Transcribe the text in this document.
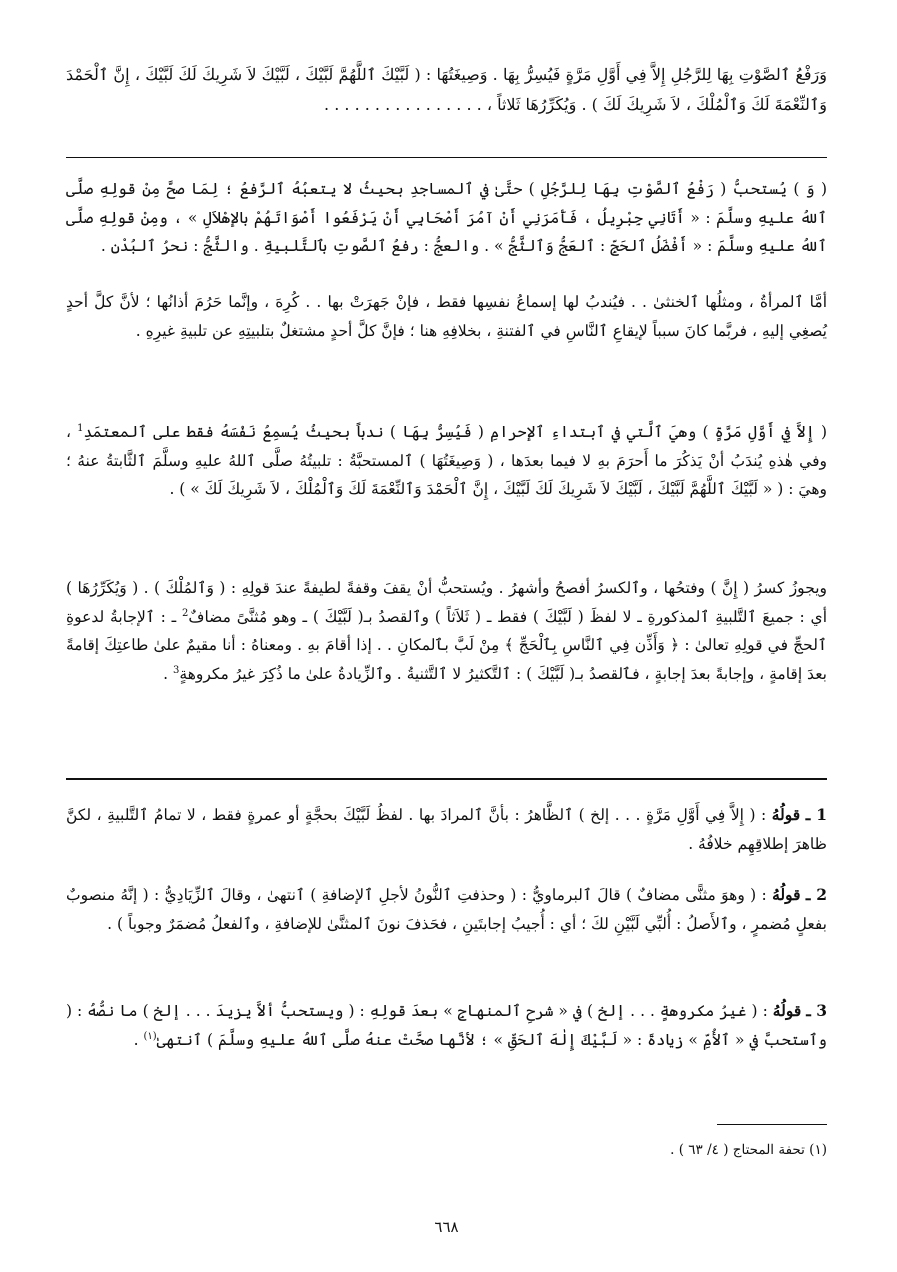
وَرَفْعُ ٱلصَّوْتِ بِهَا لِلرَّجُلِ إِلاَّ فِي أَوَّلِ مَرَّةٍ فَيُسِرُّ بِهَا . وَصِيغَتُهَا : ( لَبَّيْكَ ٱللَّهُمَّ لَبَّيْكَ ، لَبَّيْكَ لاَ شَرِيكَ لَكَ لَبَّيْكَ ، إِنَّ ٱلْحَمْدَ وَٱلنِّعْمَةَ لَكَ وَٱلْمُلْكَ ، لاَ شَرِيكَ لَكَ ) . وَيُكَرِّرُهَا ثَلاثاً ، . . . . . . . . . . . . . . . .
( وَ ) يُستحبُّ ( رَفْعُ ٱلصَّوْتِ بِهَا لِلرَّجُلِ ) حتَّىٰ في ٱلمساجدِ بحيثُ لا يتعبُهُ ٱلرَّفعُ ؛ لِمَا صحَّ مِنْ قولِهِ صلَّى ٱللهُ عليهِ وسلَّمَ : « أَتَانِي جِبْرِيلُ ، فَأَمَرَنِي أَنْ آمُرَ أَصْحَابِي أَنْ يَرْفَعُوا أَصْوَاتَهُمْ بالإهْلاَلِ » ، ومِنْ قولِهِ صلَّى ٱللهُ عليهِ وسلَّمَ : « أَفْضَلُ ٱلحَجِّ : ٱلعَجُّ وَٱلثَّجُّ » . والعجُّ : رفعُ ٱلصَّوتِ بٱلتَّلبيةِ . والثَّجُّ : نحرُ ٱلبُدْنِ .
أمَّا ٱلمرأةُ ، ومثلُها ٱلخنثىٰ . . فيُندبُ لها إسماعُ نفسِها فقط ، فإنْ جَهرَتْ بها . . كُرِهَ ، وإنَّما حَرُمَ أذانُها ؛ لأنَّ كلَّ أحدٍ يُصغِي إليهِ ، فربَّما كانَ سبباً لإيقاعِ ٱلنَّاسِ في ٱلفتنةِ ، بخلافِهِ هنا ؛ فإنَّ كلَّ أحدٍ مشتغلٌ بتلبيتِهِ عن تلبيةِ غيرِهِ .
( إِلاَّ فِي أَوَّلِ مَرَّةٍ ) وهيَ ٱلَّتي في ٱبتداءِ ٱلإحرامِ ( فَيُسِرُّ بِهَا ) ندباً بحيثُ يُسمِعُ نَفْسَهُ فقط على ٱلمعتمَدِ$^1$ ، وفي هٰذهِ يُندَبُ أنْ يَذكُرَ ما أَحرَمَ بهِ لا فيما بعدَها ، ( وَصِيغَتُهَا ) ٱلمستحبَّةُ : تلبيتُهُ صلَّى ٱللهُ عليهِ وسلَّمَ ٱلثَّابتةُ عنهُ ؛ وهيَ : ( « لَبَّيْكَ ٱللَّهُمَّ لَبَّيْكَ ، لَبَّيْكَ لاَ شَرِيكَ لَكَ لَبَّيْكَ ، إِنَّ ٱلْحَمْدَ وَٱلنِّعْمَةَ لَكَ وَٱلْمُلْكَ ، لاَ شَرِيكَ لَكَ » ) .
ويجوزُ كسرُ ( إِنَّ ) وفتحُها ، وٱلكسرُ أفصحُ وأشهرُ . ويُستحبُّ أنْ يقفَ وقفةً لطيفةً عندَ قولِهِ : ( وَٱلمُلْكَ ) . ( وَيُكَرِّرُهَا ) أي : جميعَ ٱلتَّلبيةِ ٱلمذكورةِ ـ لا لفظَ ( لَبَّيْكَ ) فقط ـ ( ثَلاَثاً ) وٱلقصدُ بـ( لَبَّيْكَ ) ـ وهو مُثنَّىً مضافٌ$^2$ ـ : ٱلإجابةُ لدعوةِ ٱلحجِّ في قولِهِ تعالىٰ : ﴿ وَأَذِّن فِي ٱلنَّاسِ بِٱلْحَجِّ ﴾ مِنْ لَبَّ بٱلمكانِ . . إذا أقامَ بهِ . ومعناهُ : أنا مقيمٌ علىٰ طاعتِكَ إقامةً بعدَ إقامةٍ ، وإجابةً بعدَ إجابةٍ ، فٱلقصدُ بـ( لَبَّيْكَ ) : ٱلتَّكثيرُ لا ٱلتَّثنيةُ . وٱلزِّيادةُ علىٰ ما ذُكِرَ غيرُ مكروهةٍ$^3$ .
1 ـ قولُهُ : ( إِلاَّ فِي أَوَّلِ مَرَّةٍ . . . إلخ ) ٱلظَّاهرُ : بأنَّ ٱلمرادَ بها . لفظُ لَبَّيْكَ بحجَّةٍ أو عمرةٍ فقط ، لا تمامُ ٱلتَّلبيةِ ، لكنَّ ظاهرَ إطلاقِهِم خلافُهُ .
2 ـ قولُهُ : ( وهوَ مثنًّى مضافٌ ) قالَ ٱلبرماويُّ : ( وحذفتِ ٱلنُّونُ لأجلِ ٱلإضافةِ ) ٱنتهىٰ ، وقالَ ٱلزِّيَادِيُّ : ( إنَّهُ منصوبٌ بفعلٍ مُضمرٍ ، وٱلأَصلُ : أُلبِّي لَبَّيْنِ لكَ ؛ أي : أُجيبُ إجابتَينِ ، فحَذفَ نونَ ٱلمثنَّىٰ للإضافةِ ، وٱلفعلُ مُضمَرٌ وجوباً ) .
3 ـ قولُهُ : ( غيرُ مكروهةٍ . . . إلخ ) في « شرحِ ٱلمنهاجِ » بعدَ قولِهِ : ( ويستحبُّ ألاَّ يزيدَ . . . إلخ ) ما نصُّهُ : ( وٱستحبَّ في « ٱلأُمِّ » زيادةَ : « لَبَّيْكَ إِلٰهَ ٱلحَقِّ » ؛ لأنَّها صحَّتْ عنهُ صلَّى ٱللهُ عليهِ وسلَّمَ ) ٱنتهىٰ$^{(١)}$ .
(١) تحفة المحتاج ( ٤/ ٦٣ ) .
٦٦٨
